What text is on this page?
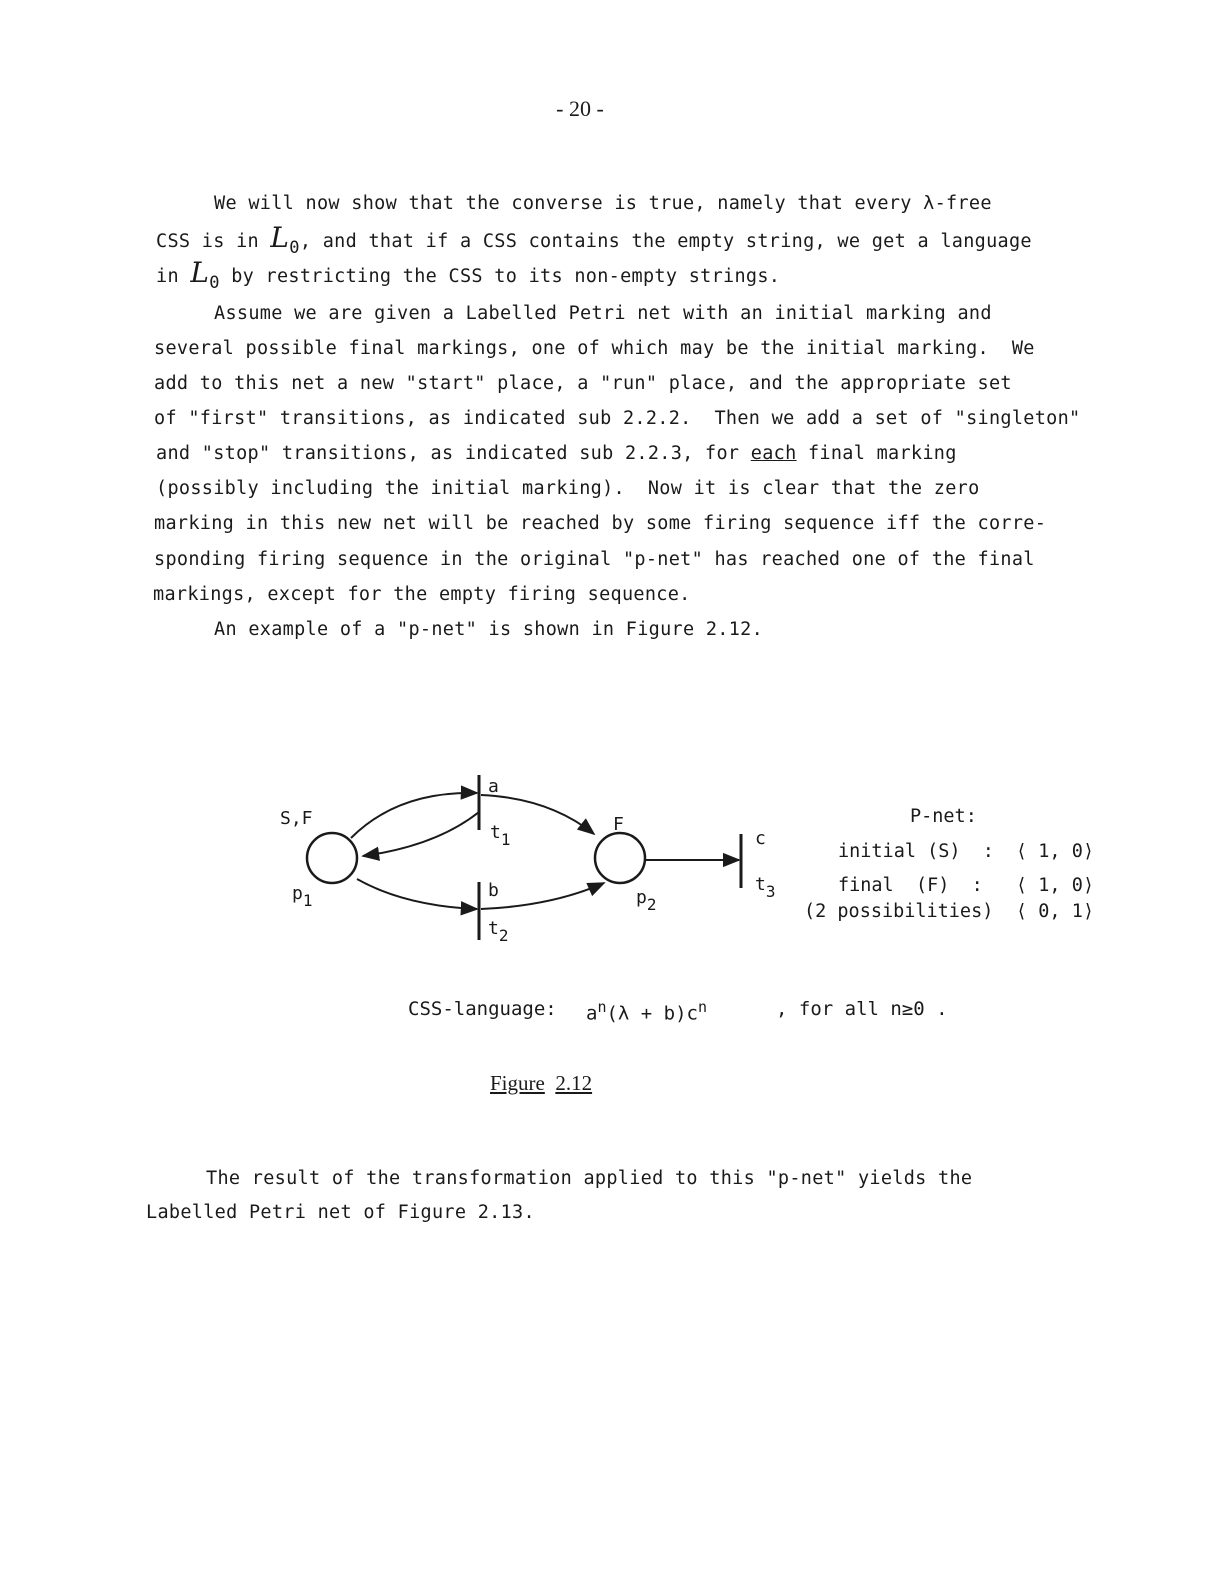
- 20 -
We will now show that the converse is true, namely that every λ-free
CSS is in L0, and that if a CSS contains the empty string, we get a language
in L0 by restricting the CSS to its non-empty strings.
Assume we are given a Labelled Petri net with an initial marking and
several possible final markings, one of which may be the initial marking.  We
add to this net a new "start" place, a "run" place, and the appropriate set
of "first" transitions, as indicated sub 2.2.2.  Then we add a set of "singleton"
and "stop" transitions, as indicated sub 2.2.3, for each final marking
(possibly including the initial marking).  Now it is clear that the zero
marking in this new net will be reached by some firing sequence iff the corre-
sponding firing sequence in the original "p-net" has reached one of the final
markings, except for the empty firing sequence.
An example of a "p-net" is shown in Figure 2.12.
S,F
p1
F
p2
a
t1
b
t2
c
t3
P-net:
initial (S)  : ⟨ 1, 0⟩
final  (F)  : ⟨ 1, 0⟩
(2 possibilities) ⟨ 0, 1⟩
CSS-language: $a^n(\lambda + b)c^n$	, for all n≥0 .
Figure 2.12
The result of the transformation applied to this "p-net" yields the
Labelled Petri net of Figure 2.13.
